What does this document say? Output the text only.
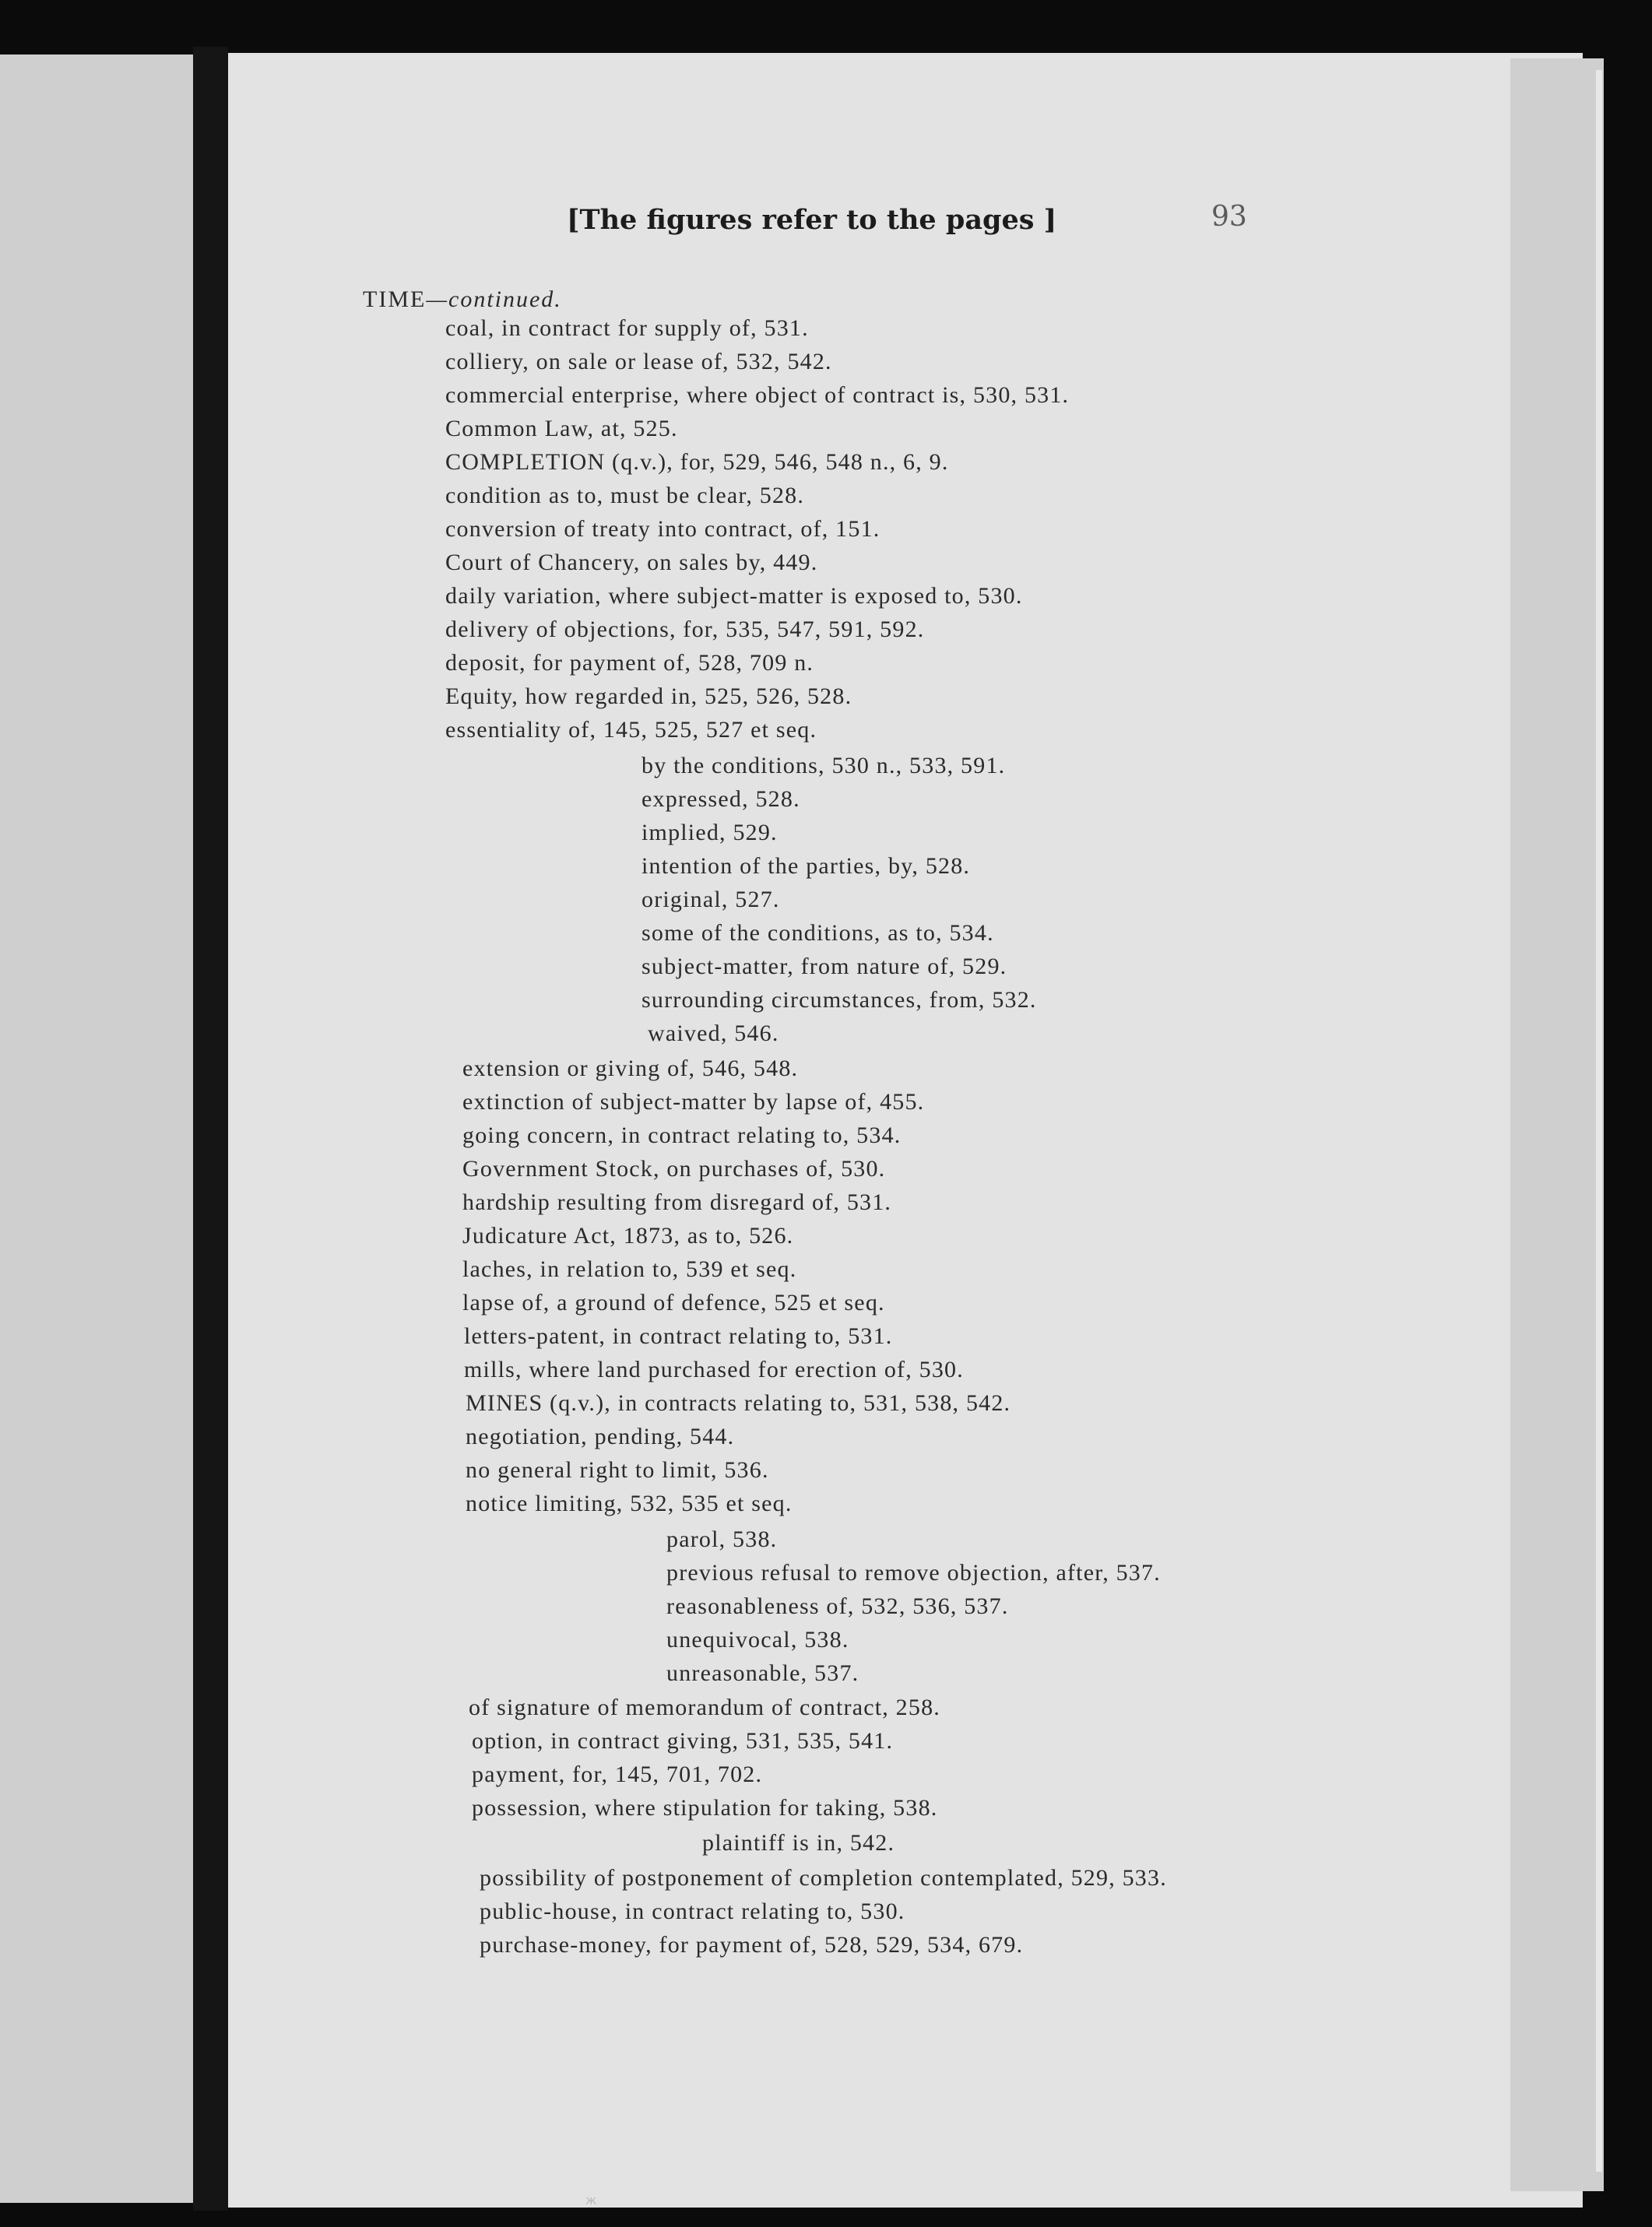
[The figures refer to the pages ]	93
TIME—continued.
coal, in contract for supply of, 531.
colliery, on sale or lease of, 532, 542.
commercial enterprise, where object of contract is, 530, 531.
Common Law, at, 525.
COMPLETION (q.v.), for, 529, 546, 548 n., 6, 9.
condition as to, must be clear, 528.
conversion of treaty into contract, of, 151.
Court of Chancery, on sales by, 449.
daily variation, where subject-matter is exposed to, 530.
delivery of objections, for, 535, 547, 591, 592.
deposit, for payment of, 528, 709 n.
Equity, how regarded in, 525, 526, 528.
essentiality of, 145, 525, 527 et seq.
by the conditions, 530 n., 533, 591.
expressed, 528.
implied, 529.
intention of the parties, by, 528.
original, 527.
some of the conditions, as to, 534.
subject-matter, from nature of, 529.
surrounding circumstances, from, 532.
waived, 546.
extension or giving of, 546, 548.
extinction of subject-matter by lapse of, 455.
going concern, in contract relating to, 534.
Government Stock, on purchases of, 530.
hardship resulting from disregard of, 531.
Judicature Act, 1873, as to, 526.
laches, in relation to, 539 et seq.
lapse of, a ground of defence, 525 et seq.
letters-patent, in contract relating to, 531.
mills, where land purchased for erection of, 530.
MINES (q.v.), in contracts relating to, 531, 538, 542.
negotiation, pending, 544.
no general right to limit, 536.
notice limiting, 532, 535 et seq.
parol, 538.
previous refusal to remove objection, after, 537.
reasonableness of, 532, 536, 537.
unequivocal, 538.
unreasonable, 537.
of signature of memorandum of contract, 258.
option, in contract giving, 531, 535, 541.
payment, for, 145, 701, 702.
possession, where stipulation for taking, 538.
plaintiff is in, 542.
possibility of postponement of completion contemplated, 529, 533.
public-house, in contract relating to, 530.
purchase-money, for payment of, 528, 529, 534, 679.
ж
